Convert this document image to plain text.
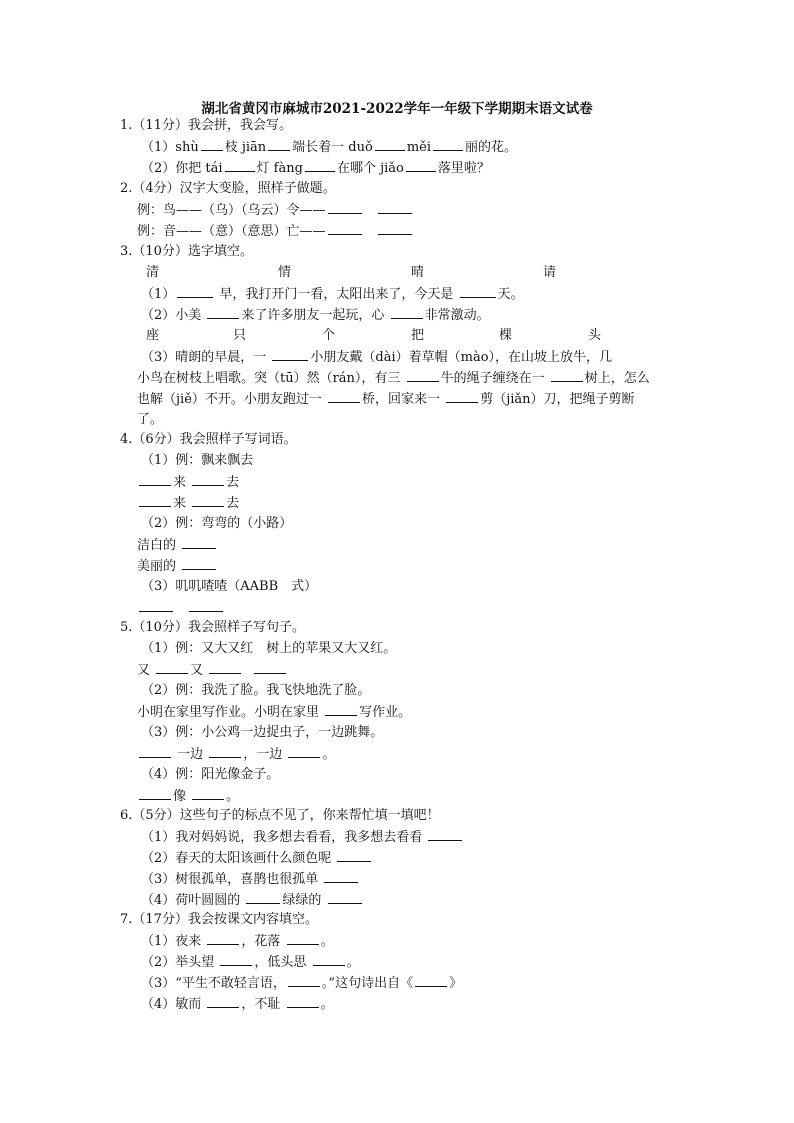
湖北省黄冈市麻城市2021-2022学年一年级下学期期末语文试卷
1.（11分）我会拼，我会写。
（1）shù 枝 jiān 端长着一 duǒ	měi	丽的花。
（2）你把 tái	灯 fàng	在哪个 jiǎo	落里啦？
2.（4分）汉字大变脸，照样子做题。
例：鸟——（乌）（乌云）令——
例：音——（意）（意思）亡——
3.（10分）选字填空。
清	情	晴	请
（1）	早，我打开门一看，太阳出来了，今天是	天。
（2）小美	来了许多朋友一起玩，心	非常激动。
座	只	个	把	棵	头
（3）晴朗的早晨，一	小朋友戴（dài）着草帽（mào），在山坡上放牛，几
小鸟在树枝上唱歌。突（tū）然（rán），有三	牛的绳子缠绕在一	树上，怎么
也解（jiě）不开。小朋友跑过一	桥，回家来一	剪（jiǎn）刀，把绳子剪断
了。
4.（6分）我会照样子写词语。
（1）例：飘来飘去
来	去
来	去
（2）例：弯弯的（小路）
洁白的
美丽的
（3）叽叽喳喳（AABB　式）

5.（10分）我会照样子写句子。
（1）例：又大又红　树上的苹果又大又红。
又	又
（2）例：我洗了脸。我飞快地洗了脸。
小明在家里写作业。小明在家里	写作业。
（3）例：小公鸡一边捉虫子，一边跳舞。
一边	，一边	。
（4）例：阳光像金子。
像	。
6.（5分）这些句子的标点不见了，你来帮忙填一填吧！
（1）我对妈妈说，我多想去看看，我多想去看看
（2）春天的太阳该画什么颜色呢
（3）树很孤单，喜鹊也很孤单
（4）荷叶圆圆的	绿绿的
7.（17分）我会按课文内容填空。
（1）夜来	，花落	。
（2）举头望	，低头思	。
（3）“平生不敢轻言语，	。”这句诗出自《	》
（4）敏而	，不耻	。
